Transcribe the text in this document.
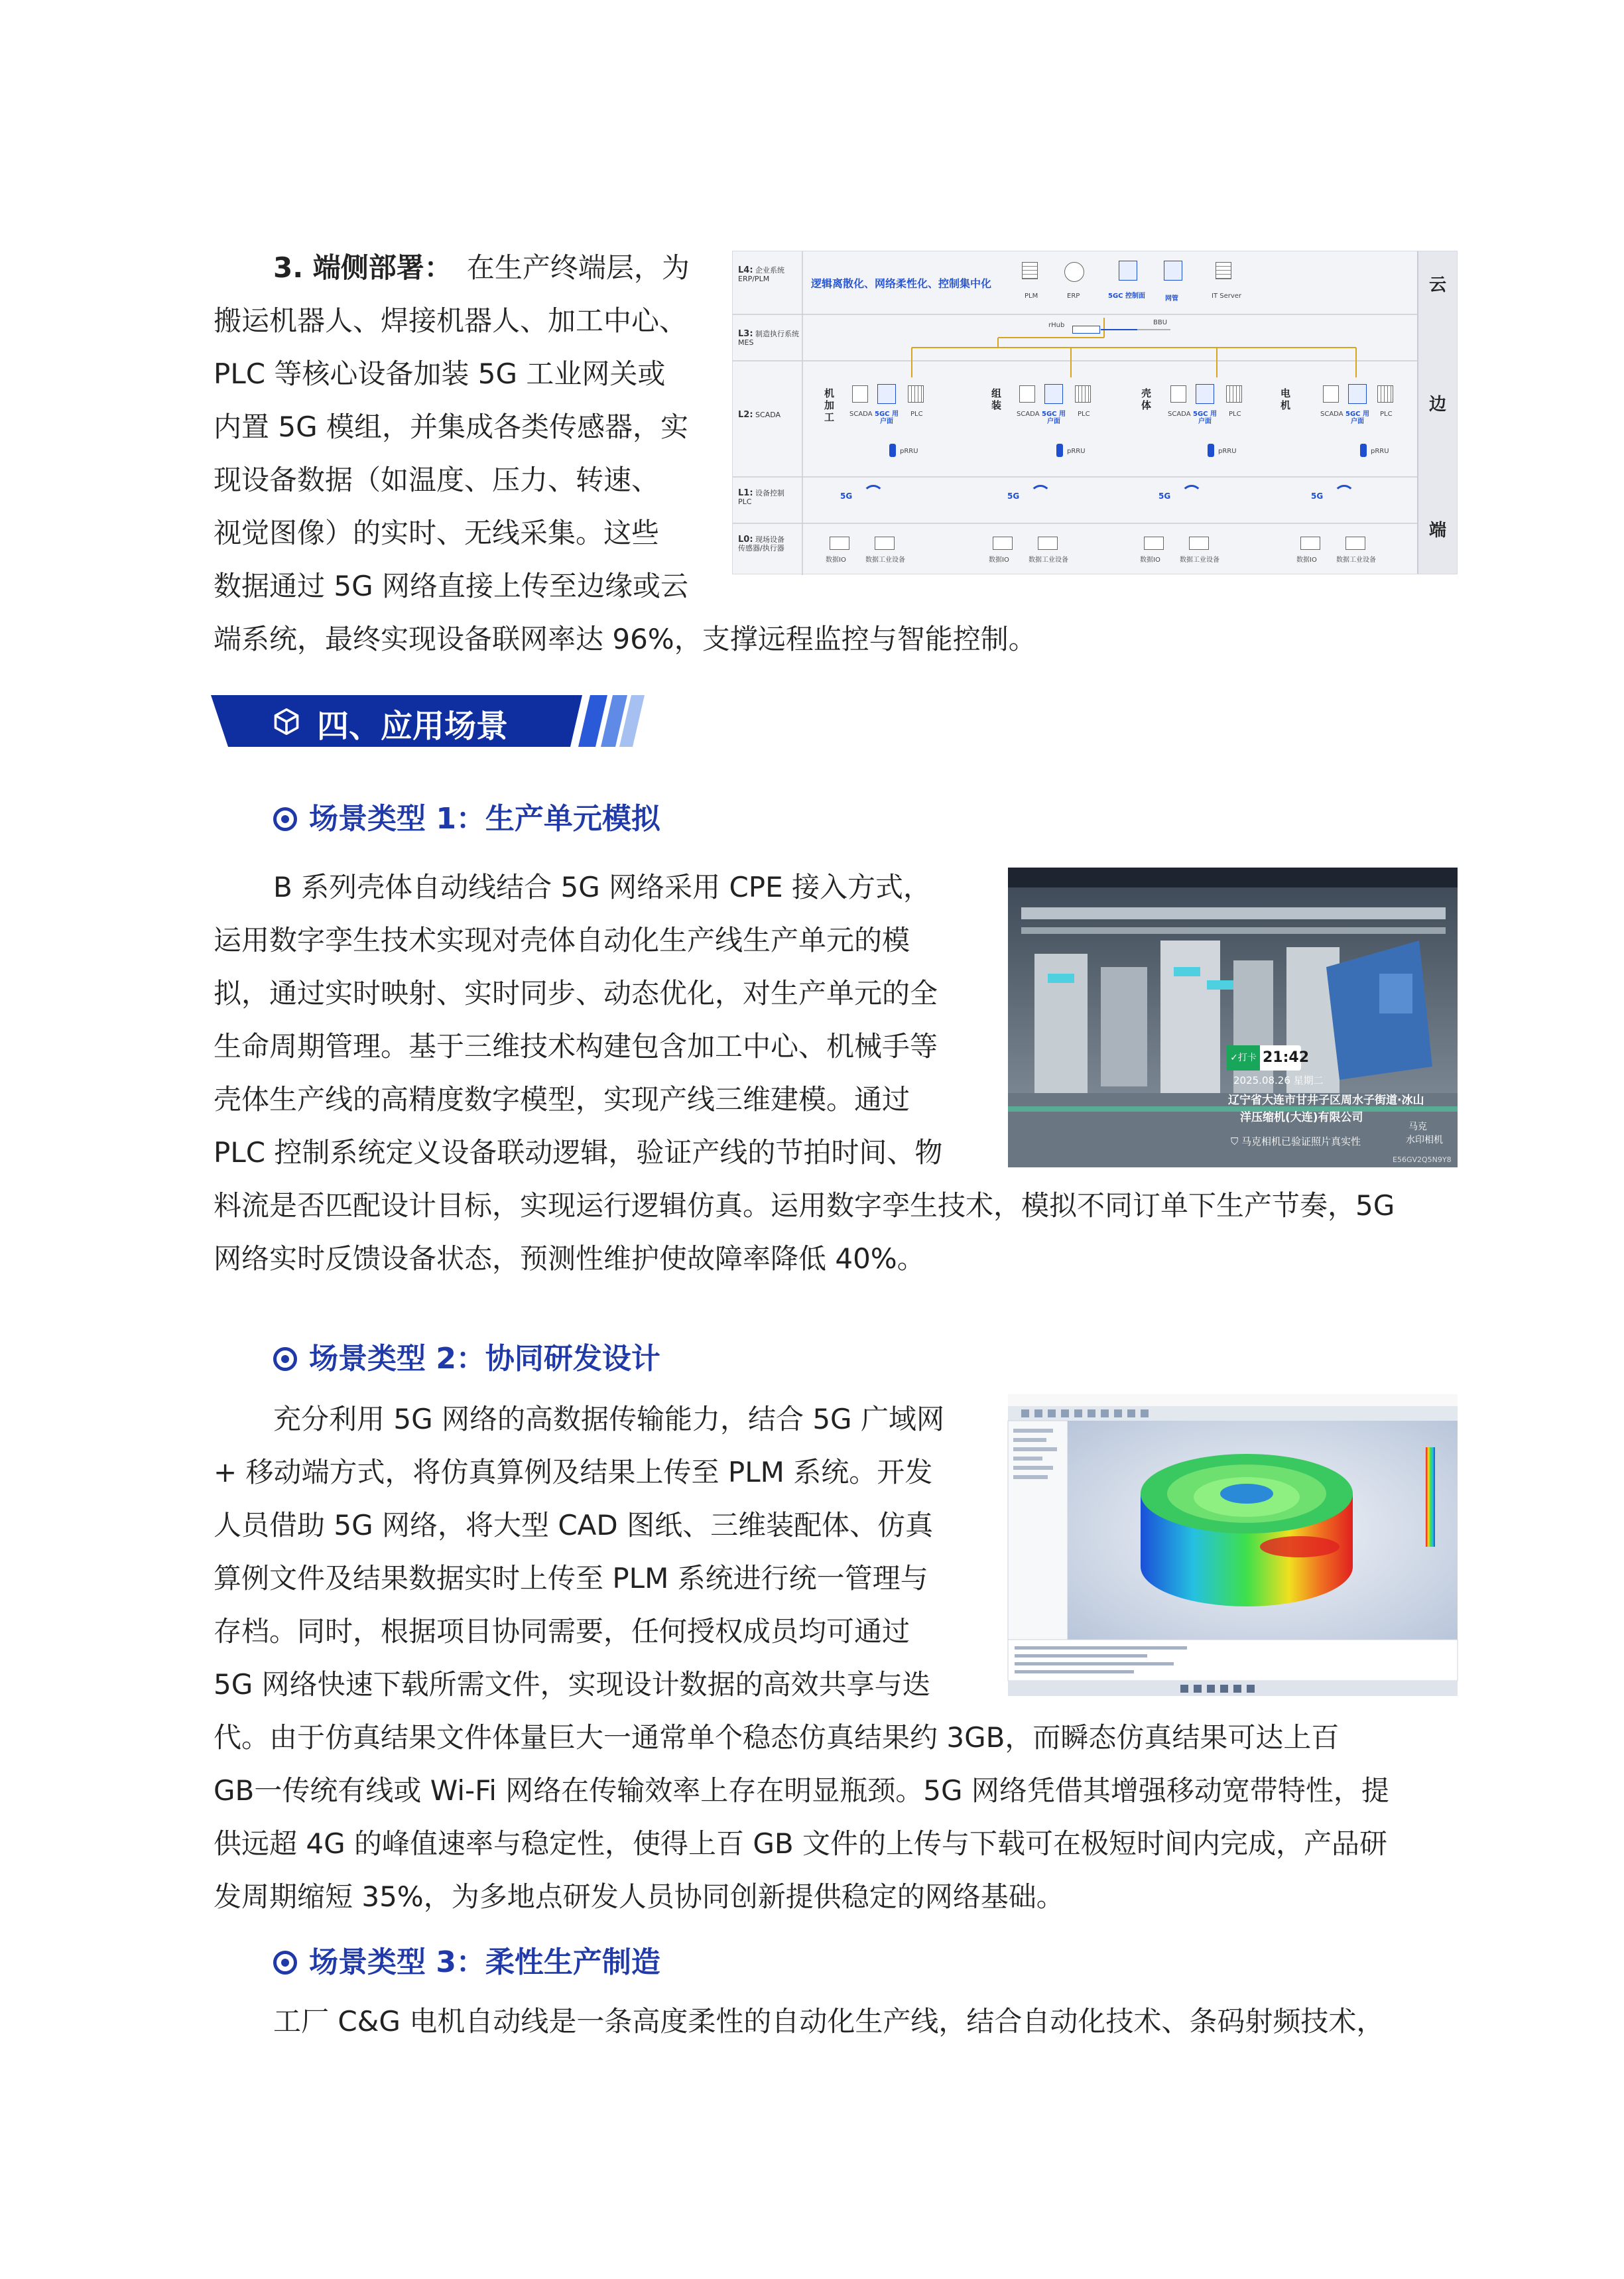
3. 端侧部署： 在生产终端层，为
搬运机器人、焊接机器人、加工中心、
PLC 等核心设备加装 5G 工业网关或
内置 5G 模组，并集成各类传感器，实
现设备数据（如温度、压力、转速、
视觉图像）的实时、无线采集。这些
数据通过 5G 网络直接上传至边缘或云
端系统，最终实现设备联网率达 96%，支撑远程监控与智能控制。
L4: 企业系统
ERP/PLM
L3: 制造执行系统
MES
L2: SCADA
L1: 设备控制
PLC
L0: 现场设备
传感器/执行器
逻辑离散化、网络柔性化、控制集中化
PLM	ERP	5GC 控制面	网管	IT Server
rHub	BBU
机加工 SCADA 5GC 用户面
PLC
pRRU
5G
数据IO	数据工业设备
组装
SCADA 5GC 用户面
PLC
pRRU
5G
数据IO	数据工业设备
壳体
SCADA 5GC 用户面
PLC
pRRU
5G
数据IO	数据工业设备
电机
SCADA 5GC 用户面
PLC
pRRU
5G
数据IO	数据工业设备
云
边
端
四、应用场景
场景类型 1：生产单元模拟
B 系列壳体自动线结合 5G 网络采用 CPE 接入方式，
运用数字孪生技术实现对壳体自动化生产线生产单元的模
拟，通过实时映射、实时同步、动态优化，对生产单元的全
生命周期管理。基于三维技术构建包含加工中心、机械手等
壳体生产线的高精度数字模型，实现产线三维建模。通过
PLC 控制系统定义设备联动逻辑，验证产线的节拍时间、物
料流是否匹配设计目标，实现运行逻辑仿真。运用数字孪生技术，模拟不同订单下生产节奏，5G
网络实时反馈设备状态，预测性维护使故障率降低 40%。
✓打卡 21:42
2025.08.26 星期二
辽宁省大连市甘井子区周水子街道·冰山
洋压缩机(大连)有限公司
⛉ 马克相机已验证照片真实性
马克
水印相机
E56GV2Q5N9Y8
场景类型 2：协同研发设计
充分利用 5G 网络的高数据传输能力，结合 5G 广域网
+ 移动端方式，将仿真算例及结果上传至 PLM 系统。开发
人员借助 5G 网络，将大型 CAD 图纸、三维装配体、仿真
算例文件及结果数据实时上传至 PLM 系统进行统一管理与
存档。同时，根据项目协同需要，任何授权成员均可通过
5G 网络快速下载所需文件，实现设计数据的高效共享与迭
代。由于仿真结果文件体量巨大一通常单个稳态仿真结果约 3GB，而瞬态仿真结果可达上百
GB一传统有线或 Wi-Fi 网络在传输效率上存在明显瓶颈。5G 网络凭借其增强移动宽带特性，提
供远超 4G 的峰值速率与稳定性，使得上百 GB 文件的上传与下载可在极短时间内完成，产品研
发周期缩短 35%，为多地点研发人员协同创新提供稳定的网络基础。
场景类型 3：柔性生产制造
工厂 C&G 电机自动线是一条高度柔性的自动化生产线，结合自动化技术、条码射频技术，
